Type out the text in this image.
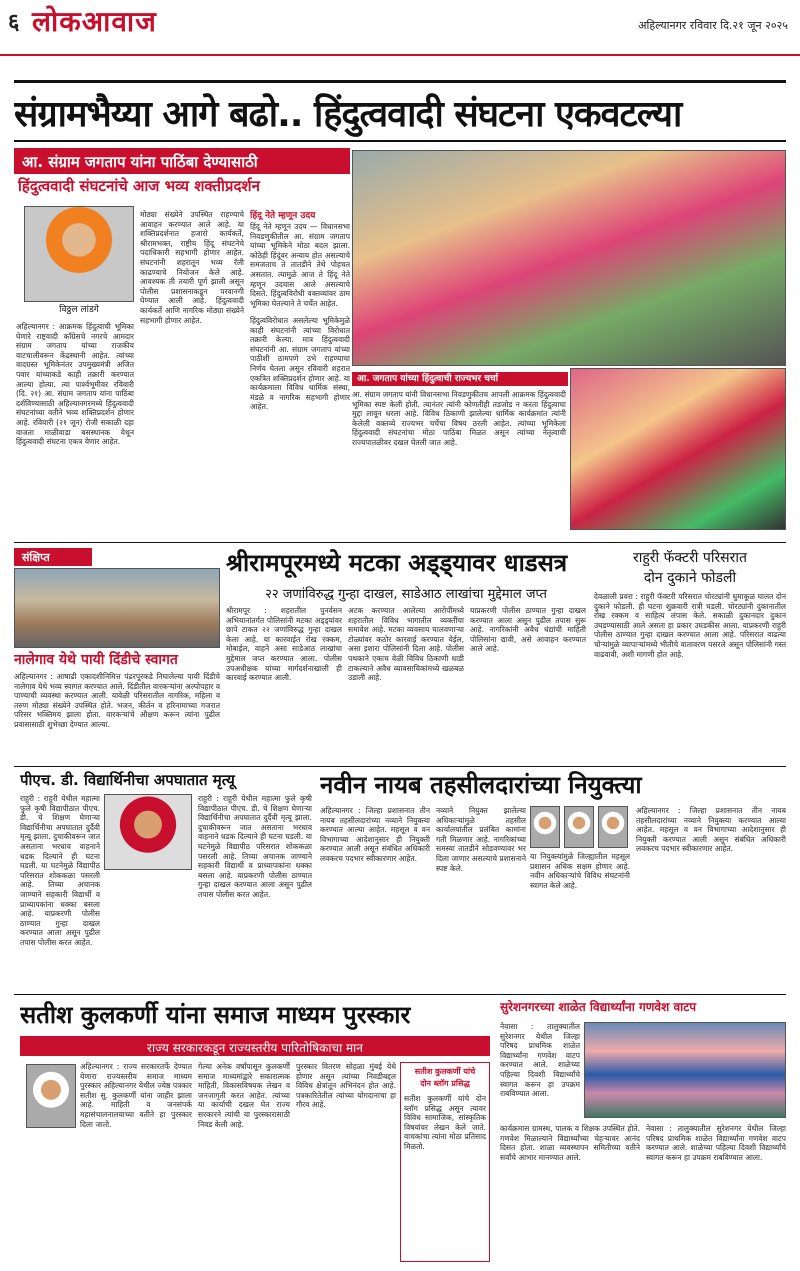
६ लोकआवाज	अहिल्यानगर रविवार दि.२१ जून २०२५
संग्रामभैय्या आगे बढो.. हिंदुत्ववादी संघटना एकवटल्या
आ. संग्राम जगताप यांना पाठिंबा देण्यासाठी
हिंदुत्ववादी संघटनांचे आज भव्य शक्तीप्रदर्शन
विठ्ठल लांडगे
अहिल्यानगर : आक्रमक हिंदुत्वाची भूमिका घेणारे राष्ट्रवादी काँग्रेसचे नगरचे आमदार संग्राम जगताप यांच्या राजकीय वाटचालीवरून केंद्रस्थानी आहेत. त्यांच्या वादग्रस्त भूमिकेनंतर उपमुख्यमंत्री अजित पवार यांच्याकडे काही तक्रारी करण्यात आल्या होत्या. त्या पार्श्वभूमीवर रविवारी (दि. २१) आ. संग्राम जगताप यांना पाठिंबा दर्शविण्यासाठी अहिल्यानगरमध्ये हिंदुत्ववादी संघटनांच्या वतीने भव्य शक्तिप्रदर्शन होणार आहे. रविवारी (२१ जून) रोजी सकाळी दहा वाजता माळीवाडा बसस्थानक येथून हिंदुत्ववादी संघटना एकत्र येणार आहेत.
मोठ्या संख्येने उपस्थित राहण्याचे आवाहन करण्यात आले आहे. या शक्तिप्रदर्शनात हजारो कार्यकर्ते, श्रीरामभक्त, राष्ट्रीय हिंदू संघटनेचे पदाधिकारी सहभागी होणार आहेत. संघटनांनी शहरातून भव्य रॅली काढण्याचे नियोजन केले आहे. आवश्यक ती तयारी पूर्ण झाली असून पोलीस प्रशासनाकडून परवानगी घेण्यात आली आहे. हिंदुत्ववादी कार्यकर्ते आणि नागरिक मोठ्या संख्येने सहभागी होणार आहेत.
हिंदू नेते म्हणून उदय
हिंदू नेते म्हणून उदय — विधानसभा निवडणुकीतील आ. संग्राम जगताप यांच्या भूमिकेने मोठा बदल झाला. कोठेही हिंदूंवर अन्याय होत असल्याचे समजताच ते तातडीने तेथे पोहचत असतात. त्यामुळे आज ते हिंदू नेते म्हणून उदयास आले असल्याचे दिसते. हिंदुत्वविरोधी वक्तव्यांवर ठाम भूमिका घेतल्याने ते चर्चेत आहेत.
हिंदुत्वविरोधात असलेल्या भूमिकेमुळे काही संघटनांनी त्यांच्या विरोधात तक्रारी केल्या. मात्र हिंदुत्ववादी संघटनांनी आ. संग्राम जगताप यांच्या पाठीशी ठामपणे उभे राहण्याचा निर्णय घेतला असून रविवारी शहरात एकत्रित शक्तिप्रदर्शन होणार आहे. या कार्यक्रमाला विविध धार्मिक संस्था, मंडळे व नागरिक सहभागी होणार आहेत.
आ. जगताप यांच्या हिंदुत्वाची राज्यभर चर्चा
आ. संग्राम जगताप यांनी विधानसभा निवडणुकीतच आपली आक्रमक हिंदुत्ववादी भूमिका स्पष्ट केली होती. त्यानंतर त्यांनी कोणतीही तडजोड न करता हिंदुत्वाचा मुद्दा लावून धरला आहे. विविध ठिकाणी झालेल्या धार्मिक कार्यक्रमांत त्यांनी केलेली वक्तव्ये राज्यभर चर्चेचा विषय ठरली आहेत. त्यांच्या भूमिकेला हिंदुत्ववादी संघटनांचा मोठा पाठिंबा मिळत असून त्यांच्या नेतृत्वाची राज्यपातळीवर दखल घेतली जात आहे.
संक्षिप्त
नालेगाव येथे पायी दिंडीचे स्वागत
अहिल्यानगर : आषाढी एकादशीनिमित्त पंढरपूरकडे निघालेल्या पायी दिंडीचे नालेगाव येथे भव्य स्वागत करण्यात आले. दिंडीतील वारकऱ्यांना अल्पोपहार व पाण्याची व्यवस्था करण्यात आली. यावेळी परिसरातील नागरिक, महिला व तरुण मोठ्या संख्येने उपस्थित होते. भजन, कीर्तन व हरिनामाच्या गजरात परिसर भक्तिमय झाला होता. वारकऱ्यांचे औक्षण करून त्यांना पुढील प्रवासासाठी शुभेच्छा देण्यात आल्या.
श्रीरामपूरमध्ये मटका अड्ड्यावर धाडसत्र
२२ जणांविरुद्ध गुन्हा दाखल, साडेआठ लाखांचा मुद्देमाल जप्त
श्रीरामपूर : शहरातील पुनर्वसन अभियानांतर्गत पोलिसांनी मटका अड्ड्यांवर छापे टाकत २२ जणांविरुद्ध गुन्हा दाखल केला आहे. या कारवाईत रोख रक्कम, मोबाईल, वाहने असा साडेआठ लाखांचा मुद्देमाल जप्त करण्यात आला. पोलीस उपअधीक्षक यांच्या मार्गदर्शनाखाली ही कारवाई करण्यात आली.
अटक करण्यात आलेल्या आरोपींमध्ये शहरातील विविध भागातील व्यक्तींचा समावेश आहे. मटका व्यवसाय चालवणाऱ्या टोळ्यांवर कठोर कारवाई करण्यात येईल, असा इशारा पोलिसांनी दिला आहे. पोलीस पथकाने एकाच वेळी विविध ठिकाणी धाडी टाकल्याने अवैध व्यावसायिकांमध्ये खळबळ उडाली आहे.
याप्रकरणी पोलीस ठाण्यात गुन्हा दाखल करण्यात आला असून पुढील तपास सुरू आहे. नागरिकांनी अवैध धंद्यांची माहिती पोलिसांना द्यावी, असे आवाहन करण्यात आले आहे.
राहुरी फॅक्टरी परिसरात
दोन दुकाने फोडली
देवळाली प्रवरा : राहुरी फॅक्टरी परिसरात चोरट्यांनी धुमाकूळ घालत दोन दुकाने फोडली. ही घटना शुक्रवारी रात्री घडली. चोरट्यांनी दुकानातील रोख रक्कम व साहित्य लंपास केले. सकाळी दुकानदार दुकान उघडण्यासाठी आले असता हा प्रकार उघडकीस आला. याप्रकरणी राहुरी पोलीस ठाण्यात गुन्हा दाखल करण्यात आला आहे. परिसरात वाढत्या चोऱ्यांमुळे व्यापाऱ्यांमध्ये भीतीचे वातावरण पसरले असून पोलिसांनी गस्त वाढवावी, अशी मागणी होत आहे.
पीएच. डी. विद्यार्थिनीचा अपघातात मृत्यू
राहुरी : राहुरी येथील महात्मा फुले कृषी विद्यापीठात पीएच. डी. चे शिक्षण घेणाऱ्या विद्यार्थिनीचा अपघातात दुर्दैवी मृत्यू झाला. दुचाकीवरून जात असताना भरधाव वाहनाने धडक दिल्याने ही घटना घडली. या घटनेमुळे विद्यापीठ परिसरात शोककळा पसरली आहे. तिच्या अचानक जाण्याने सहकारी विद्यार्थी व प्राध्यापकांना धक्का बसला आहे. याप्रकरणी पोलीस ठाण्यात गुन्हा दाखल करण्यात आला असून पुढील तपास पोलीस करत आहेत.
राहुरी : राहुरी येथील महात्मा फुले कृषी विद्यापीठात पीएच. डी. चे शिक्षण घेणाऱ्या विद्यार्थिनीचा अपघातात दुर्दैवी मृत्यू झाला. दुचाकीवरून जात असताना भरधाव वाहनाने धडक दिल्याने ही घटना घडली. या घटनेमुळे विद्यापीठ परिसरात शोककळा पसरली आहे. तिच्या अचानक जाण्याने सहकारी विद्यार्थी व प्राध्यापकांना धक्का बसला आहे. याप्रकरणी पोलीस ठाण्यात गुन्हा दाखल करण्यात आला असून पुढील तपास पोलीस करत आहेत.
नवीन नायब तहसीलदारांच्या नियुक्त्या
अहिल्यानगर : जिल्हा प्रशासनात तीन नायब तहसीलदारांच्या नव्याने नियुक्त्या करण्यात आल्या आहेत. महसूल व वन विभागाच्या आदेशानुसार ही नियुक्ती करण्यात आली असून संबंधित अधिकारी लवकरच पदभार स्वीकारणार आहेत.
नव्याने नियुक्त झालेल्या अधिकाऱ्यांमुळे तहसील कार्यालयांतील प्रलंबित कामांना गती मिळणार आहे. नागरिकांच्या समस्या तातडीने सोडवण्यावर भर दिला जाणार असल्याचे प्रशासनाने स्पष्ट केले.
या नियुक्त्यांमुळे जिल्ह्यातील महसूल प्रशासन अधिक सक्षम होणार आहे. नवीन अधिकाऱ्यांचे विविध संघटनांनी स्वागत केले आहे.
अहिल्यानगर : जिल्हा प्रशासनात तीन नायब तहसीलदारांच्या नव्याने नियुक्त्या करण्यात आल्या आहेत. महसूल व वन विभागाच्या आदेशानुसार ही नियुक्ती करण्यात आली असून संबंधित अधिकारी लवकरच पदभार स्वीकारणार आहेत.
सतीश कुलकर्णी यांना समाज माध्यम पुरस्कार
राज्य सरकारकडून राज्यस्तरीय पारितोषिकाचा मान
अहिल्यानगर : राज्य सरकारतर्फे देण्यात येणारा राज्यस्तरीय समाज माध्यम पुरस्कार अहिल्यानगर येथील ज्येष्ठ पत्रकार सतीश सु. कुलकर्णी यांना जाहीर झाला आहे. माहिती व जनसंपर्क महासंचालनालयाच्या वतीने हा पुरस्कार दिला जातो.
गेल्या अनेक वर्षांपासून कुलकर्णी समाज माध्यमांद्वारे सकारात्मक माहिती, विकासविषयक लेखन व जनजागृती करत आहेत. त्यांच्या या कार्याची दखल घेत राज्य सरकारने त्यांची या पुरस्कारासाठी निवड केली आहे.
पुरस्कार वितरण सोहळा मुंबई येथे होणार असून त्यांच्या निवडीबद्दल विविध क्षेत्रांतून अभिनंदन होत आहे. पत्रकारितेतील त्यांच्या योगदानाचा हा गौरव आहे.
सतीश कुलकर्णी यांचे
दोन ब्लॉग प्रसिद्ध
सतीश कुलकर्णी यांचे दोन ब्लॉग प्रसिद्ध असून त्यावर विविध सामाजिक, सांस्कृतिक विषयांवर लेखन केले जाते. वाचकांचा त्यांना मोठा प्रतिसाद मिळतो.
सुरेशनगरच्या शाळेत विद्यार्थ्यांना गणवेश वाटप
नेवासा : तालुक्यातील सुरेशनगर येथील जिल्हा परिषद प्राथमिक शाळेत विद्यार्थ्यांना गणवेश वाटप करण्यात आले. शाळेच्या पहिल्या दिवशी विद्यार्थ्यांचे स्वागत करून हा उपक्रम राबविण्यात आला.
कार्यक्रमास ग्रामस्थ, पालक व शिक्षक उपस्थित होते. गणवेश मिळाल्याने विद्यार्थ्यांच्या चेहऱ्यावर आनंद दिसत होता. शाळा व्यवस्थापन समितीच्या वतीने सर्वांचे आभार मानण्यात आले.
नेवासा : तालुक्यातील सुरेशनगर येथील जिल्हा परिषद प्राथमिक शाळेत विद्यार्थ्यांना गणवेश वाटप करण्यात आले. शाळेच्या पहिल्या दिवशी विद्यार्थ्यांचे स्वागत करून हा उपक्रम राबविण्यात आला.
